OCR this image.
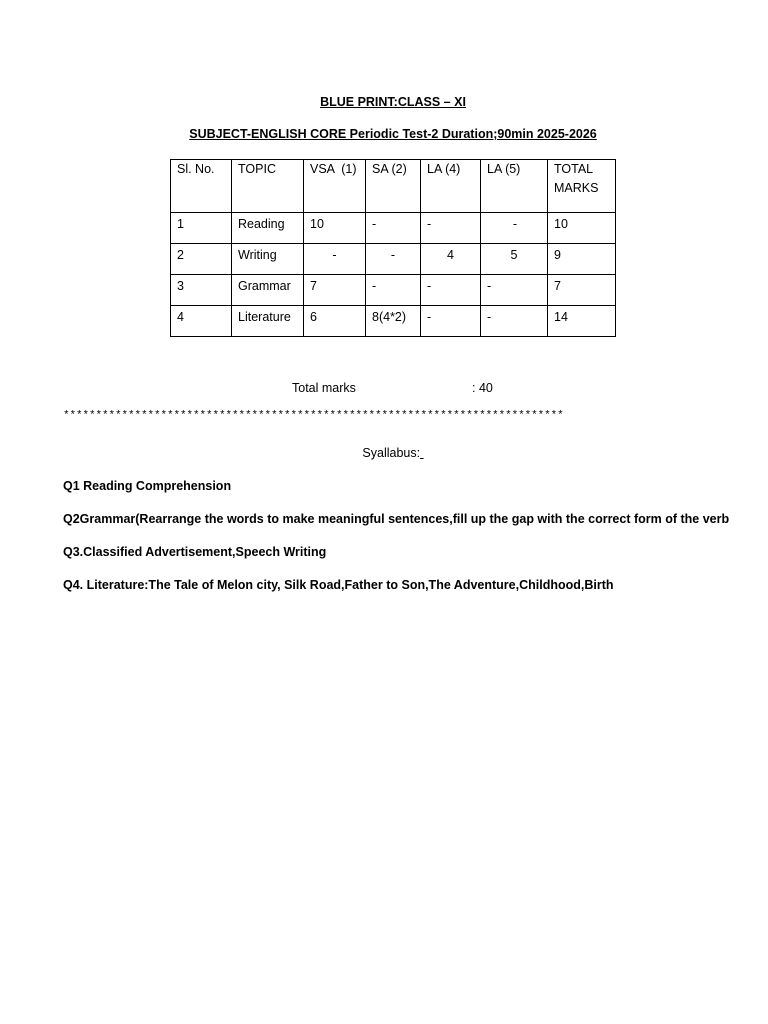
BLUE PRINT:CLASS – XI
SUBJECT-ENGLISH CORE Periodic Test-2 Duration;90min 2025-2026
Sl. No.	TOPIC	VSA  (1)	SA (2)	LA (4)	LA (5)	TOTAL MARKS
1	Reading	10	-	-	-	10
2	Writing	-	-	4	5	9
3	Grammar	7	-	-	-	7
4	Literature	6	8(4*2)	-	-	14
Total marks	: 40
*****************************************************************************
Syallabus:
Q1 Reading Comprehension
Q2Grammar(Rearrange the words to make meaningful sentences,fill up the gap with the correct form of the verb
Q3.Classified Advertisement,Speech Writing
Q4. Literature:The Tale of Melon city, Silk Road,Father to Son,The Adventure,Childhood,Birth
